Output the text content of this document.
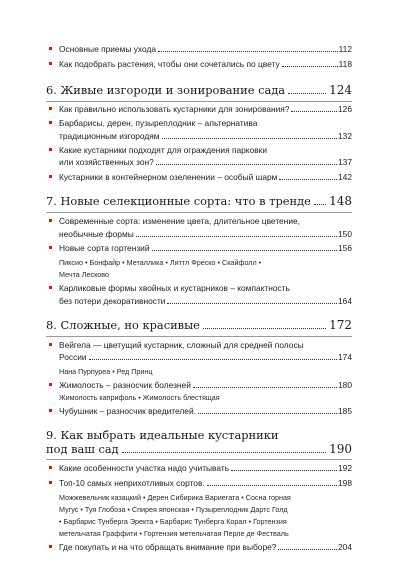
Основные приемы ухода	112
Как подобрать растения, чтобы они сочетались по цвету	118
6. Живые изгороди и зонирование сада	124
Как правильно использовать кустарники для зонирования?	126
Барбарисы, дерен, пузыреплодник – альтернатива
традиционным изгородям	132
Какие кустарники подходят для ограждения парковки
или хозяйственных зон?	137
Кустарники в контейнерном озеленении – особый шарм	142
7. Новые селекционные сорта: что в тренде 148
Современные сорта: изменение цвета, длительное цветение,
необычные формы	150
Новые сорта гортензий	156
Пиксио • Бонфайр • Металлика • Литтл Фреско • Скайфолл •
Мечта Лесково
Карликовые формы хвойных и кустарников – компактность
без потери декоративности	164
8. Сложные, но красивые	172
Вейгела — цветущий кустарник, сложный для средней полосы
России	174
Нана Пурпуреа • Ред Принц
Жимолость – разносчик болезней	180
Жимолость каприфоль • Жимолость блестящая
Чубушник – разносчик вредителей.	185
9. Как выбрать идеальные кустарники
под ваш сад	190
Какие особенности участка надо учитывать	192
Топ-10 самых неприхотливых сортов.	198
Можжевельник казацкий • Дерен Сибирика Вариегата • Сосна горная
Мугус • Туя Глобоза • Спирея японская • Пузыреплодник Дартс Голд
• Барбарис Тунберга Эректа • Барбарис Тунберга Корал • Гортензия
метельчатая Граффити • Гортензия метельчатая Перле де Фестваль
Где покупать и на что обращать внимание при выборе?	204
